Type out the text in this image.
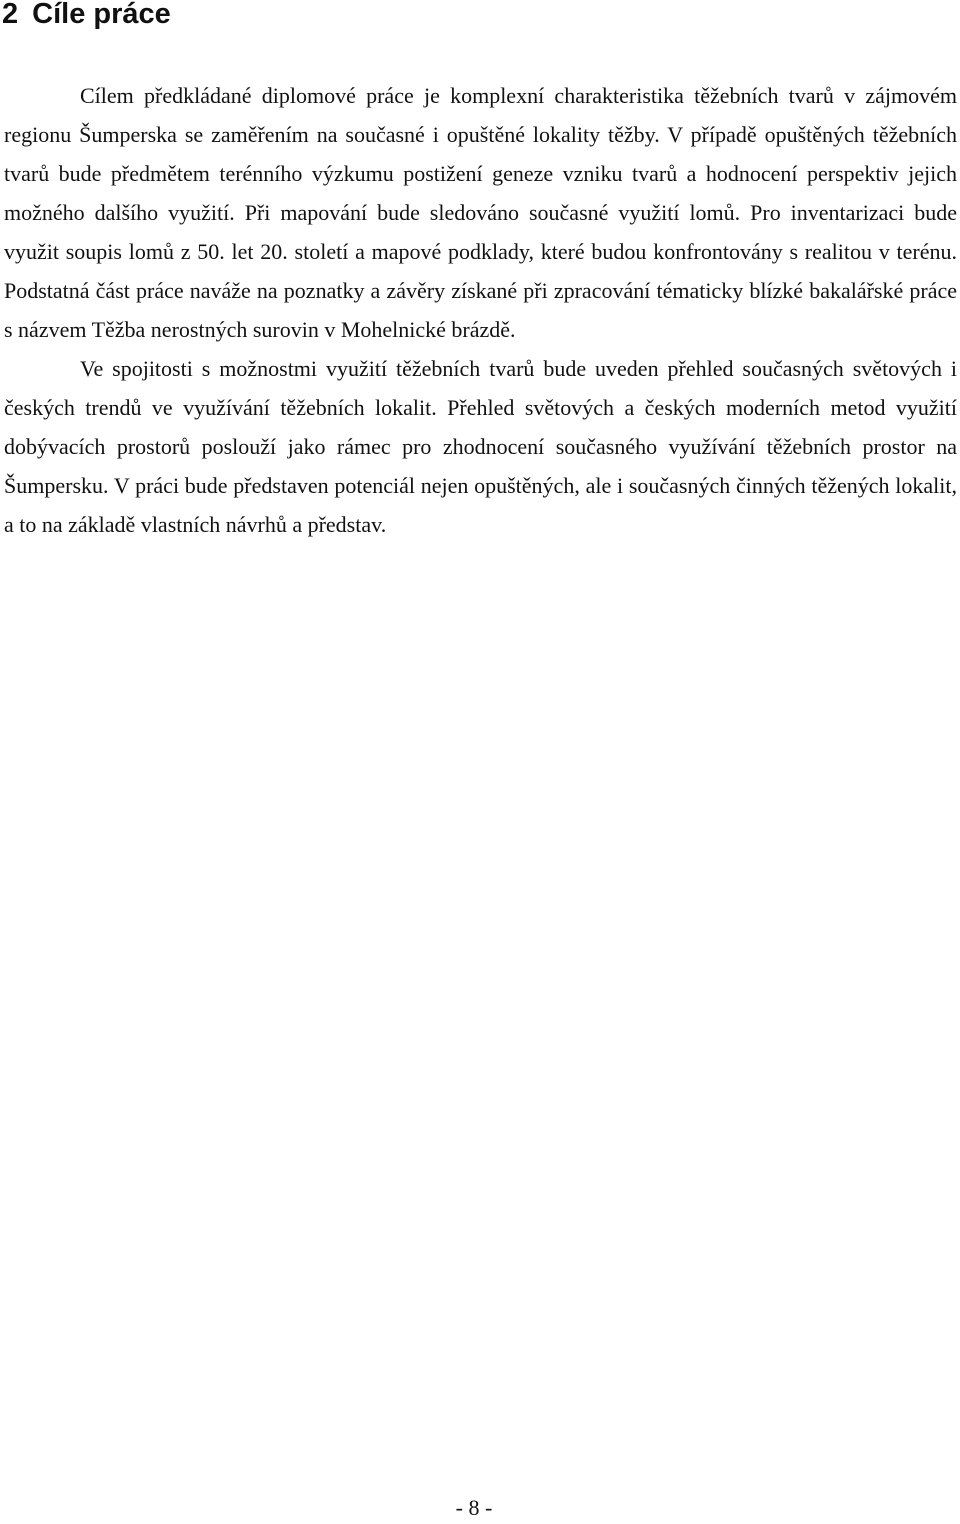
2 Cíle práce

Cílem předkládané diplomové práce je komplexní charakteristika těžebních tvarů v zájmovém regionu Šumperska se zaměřením na současné i opuštěné lokality těžby. V případě opuštěných těžebních tvarů bude předmětem terénního výzkumu postižení geneze vzniku tvarů a hodnocení perspektiv jejich možného dalšího využití. Při mapování bude sledováno současné využití lomů. Pro inventarizaci bude využit soupis lomů z 50. let 20. století a mapové podklady, které budou konfrontovány s realitou v terénu. Podstatná část práce naváže na poznatky a závěry získané při zpracování tématicky blízké bakalářské práce s názvem Těžba nerostných surovin v Mohelnické brázdě.

Ve spojitosti s možnostmi využití těžebních tvarů bude uveden přehled současných světových i českých trendů ve využívání těžebních lokalit. Přehled světových a českých moderních metod využití dobývacích prostorů poslouží jako rámec pro zhodnocení současného využívání těžebních prostor na Šumpersku. V práci bude představen potenciál nejen opuštěných, ale i současných činných těžených lokalit, a to na základě vlastních návrhů a představ.

- 8 -
